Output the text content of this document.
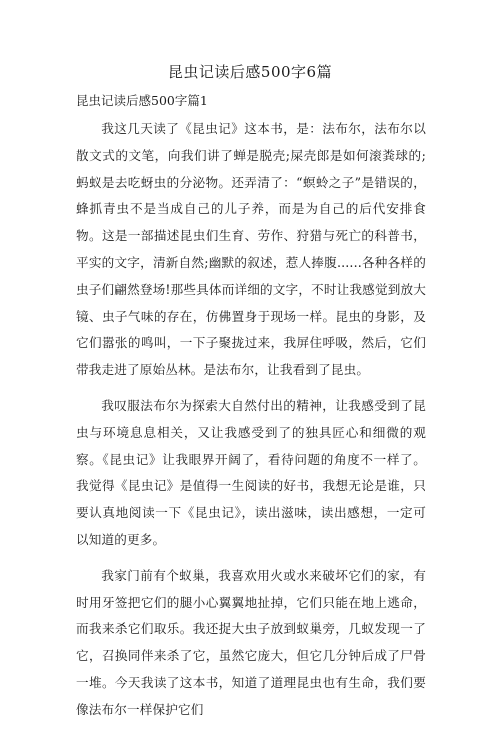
昆虫记读后感500字6篇
昆虫记读后感500字篇1

我这几天读了《昆虫记》这本书，是：法布尔，法布尔以散文式的文笔，向我们讲了蝉是脱壳;屎壳郎是如何滚粪球的;蚂蚁是去吃蚜虫的分泌物。还弄清了：“螟蛉之子”是错误的，蜂抓青虫不是当成自己的儿子养，而是为自己的后代安排食物。这是一部描述昆虫们生育、劳作、狩猎与死亡的科普书，平实的文字，清新自然;幽默的叙述，惹人捧腹......各种各样的虫子们翩然登场!那些具体而详细的文字，不时让我感觉到放大镜、虫子气味的存在，仿佛置身于现场一样。昆虫的身影，及它们嚣张的鸣叫，一下子聚拢过来，我屏住呼吸，然后，它们带我走进了原始丛林。是法布尔，让我看到了昆虫。

我叹服法布尔为探索大自然付出的精神，让我感受到了昆虫与环境息息相关，又让我感受到了的独具匠心和细微的观察。《昆虫记》让我眼界开阔了，看待问题的角度不一样了。我觉得《昆虫记》是值得一生阅读的好书，我想无论是谁，只要认真地阅读一下《昆虫记》，读出滋味，读出感想，一定可以知道的更多。

我家门前有个蚁巢，我喜欢用火或水来破坏它们的家，有时用牙签把它们的腿小心翼翼地扯掉，它们只能在地上逃命，而我来杀它们取乐。我还捉大虫子放到蚁巢旁，几蚁发现一了它，召换同伴来杀了它，虽然它庞大，但它几分钟后成了尸骨一堆。今天我读了这本书，知道了道理昆虫也有生命，我们要像法布尔一样保护它们
